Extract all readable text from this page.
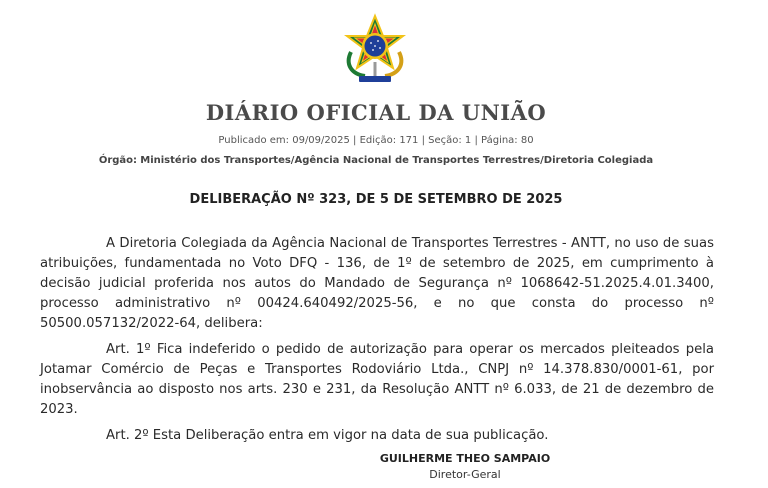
DIÁRIO OFICIAL DA UNIÃO
Publicado em: 09/09/2025 | Edição: 171 | Seção: 1 | Página: 80
Órgão: Ministério dos Transportes/Agência Nacional de Transportes Terrestres/Diretoria Colegiada
DELIBERAÇÃO Nº 323, DE 5 DE SETEMBRO DE 2025

A Diretoria Colegiada da Agência Nacional de Transportes Terrestres - ANTT, no uso de suas atribuições, fundamentada no Voto DFQ - 136, de 1º de setembro de 2025, em cumprimento à decisão judicial proferida nos autos do Mandado de Segurança nº 1068642-51.2025.4.01.3400, processo administrativo nº 00424.640492/2025-56, e no que consta do processo nº 50500.057132/2022-64, delibera:

Art. 1º Fica indeferido o pedido de autorização para operar os mercados pleiteados pela Jotamar Comércio de Peças e Transportes Rodoviário Ltda., CNPJ nº 14.378.830/0001-61, por inobservância ao disposto nos arts. 230 e 231, da Resolução ANTT nº 6.033, de 21 de dezembro de 2023.

Art. 2º Esta Deliberação entra em vigor na data de sua publicação.

GUILHERME THEO SAMPAIO
Diretor-Geral
